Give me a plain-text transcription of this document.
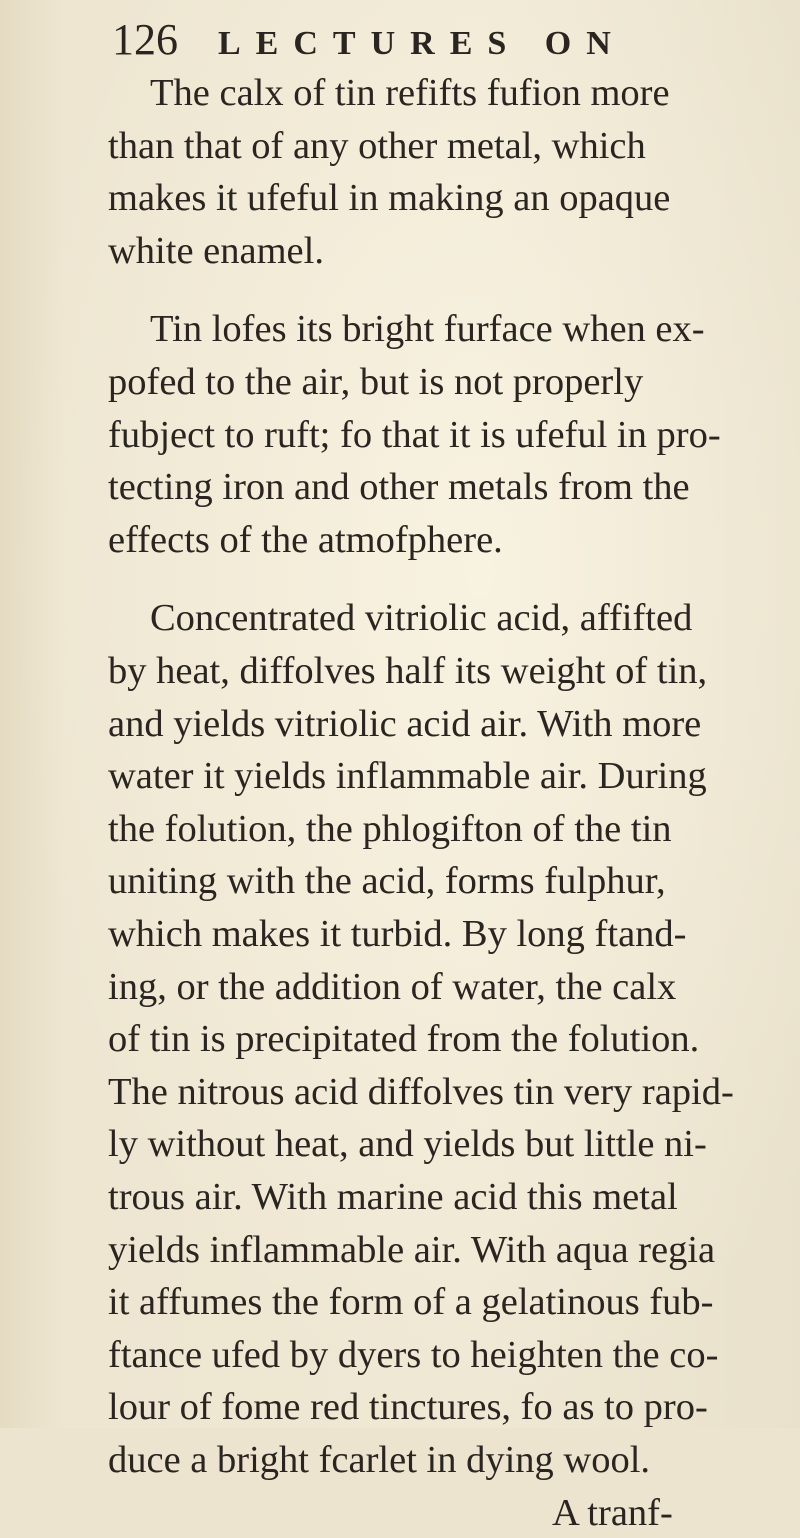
126 LECTURES ON
The calx of tin refifts fufion more
than that of any other metal, which
makes it ufeful in making an opaque
white enamel.
Tin lofes its bright furface when ex-
pofed to the air, but is not properly
fubject to ruft; fo that it is ufeful in pro-
tecting iron and other metals from the
effects of the atmofphere.
Concentrated vitriolic acid, affifted
by heat, diffolves half its weight of tin,
and yields vitriolic acid air. With more
water it yields inflammable air. During
the folution, the phlogifton of the tin
uniting with the acid, forms fulphur,
which makes it turbid. By long ftand-
ing, or the addition of water, the calx
of tin is precipitated from the folution.
The nitrous acid diffolves tin very rapid-
ly without heat, and yields but little ni-
trous air. With marine acid this metal
yields inflammable air. With aqua regia
it affumes the form of a gelatinous fub-
ftance ufed by dyers to heighten the co-
lour of fome red tinctures, fo as to pro-
duce a bright fcarlet in dying wool.
A tranf-
